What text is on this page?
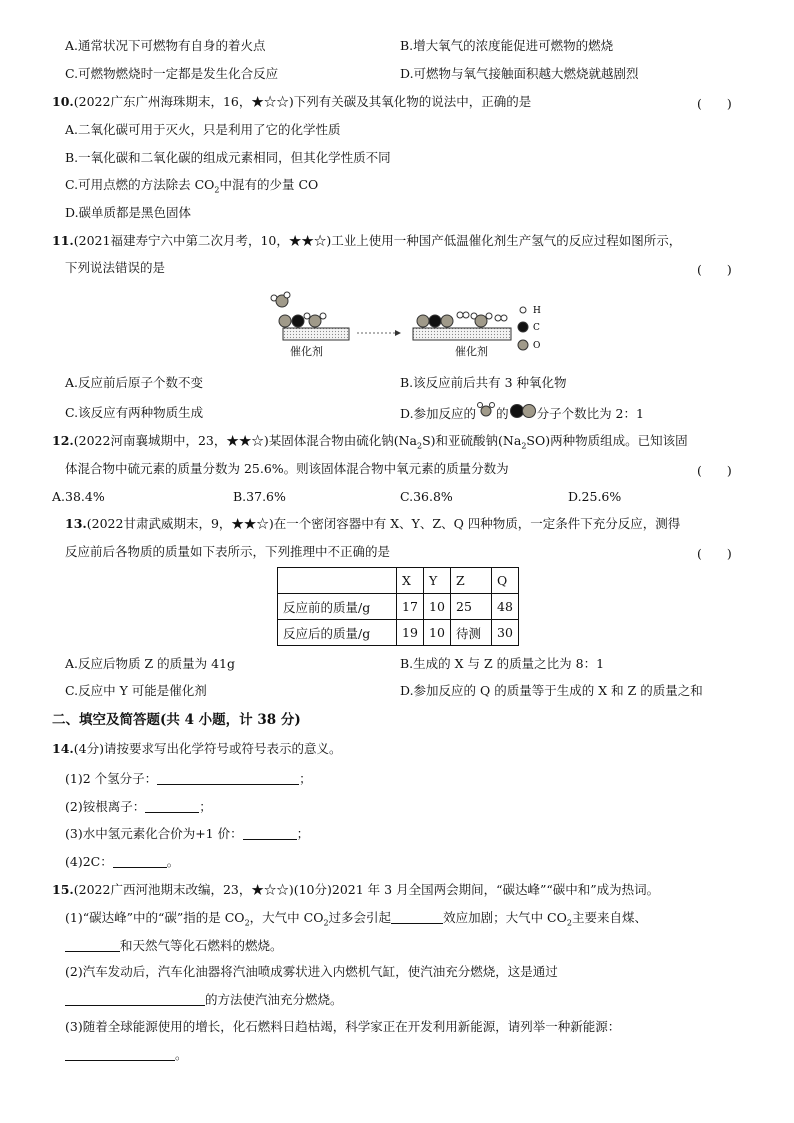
A.通常状况下可燃物有自身的着火点	B.增大氧气的浓度能促进可燃物的燃烧
C.可燃物燃烧时一定都是发生化合反应	D.可燃物与氧气接触面积越大燃烧就越剧烈
10.(2022广东广州海珠期末，16，★☆☆)下列有关碳及其氧化物的说法中，正确的是	(　　)
A.二氧化碳可用于灭火，只是利用了它的化学性质
B.一氧化碳和二氧化碳的组成元素相同，但其化学性质不同
C.可用点燃的方法除去 $CO_2$中混有的少量 CO
D.碳单质都是黑色固体
11.(2021福建寿宁六中第二次月考，10，★★☆)工业上使用一种国产低温催化剂生产氢气的反应过程如图所示，
下列说法错误的是	(　　)
H
C
O
催化剂	催化剂
A.反应前后原子个数不变	B.该反应前后共有 3 种氧化物
C.该反应有两种物质生成	D.参加反应的 的 分子个数比为 2：1
12.(2022河南襄城期中，23，★★☆)某固体混合物由硫化钠$(Na_2S)$和亚硫酸钠$(Na_2SO)$两种物质组成。已知该固
体混合物中硫元素的质量分数为 25.6%。则该固体混合物中氧元素的质量分数为	(　　)
A.38.4%	B.37.6%	C.36.8%	D.25.6%
13.(2022甘肃武威期末，9，★★☆)在一个密闭容器中有 X、Y、Z、Q 四种物质，一定条件下充分反应，测得
反应前后各物质的质量如下表所示，下列推理中不正确的是	(　　)
	X	Y	Z	Q
反应前的质量/g	17	10	25	48
反应后的质量/g	19	10	待测	30
A.反应后物质 Z 的质量为 41g	B.生成的 X 与 Z 的质量之比为 8：1
C.反应中 Y 可能是催化剂	D.参加反应的 Q 的质量等于生成的 X 和 Z 的质量之和
二、填空及简答题(共 4 小题，计 38 分)
14.(4分)请按要求写出化学符号或符号表示的意义。
(1)2 个氢分子：	；
(2)铵根离子：	；
(3)水中氢元素化合价为+1 价：	；
(4)2C：	。
15.(2022广西河池期末改编，23，★☆☆)(10分)2021 年 3 月全国两会期间，“碳达峰”“碳中和”成为热词。
(1)“碳达峰”中的“碳”指的是 $CO_2$，大气中 $CO_2$过多会引起	效应加剧；大气中 $CO_2$主要来自煤、
和天然气等化石燃料的燃烧。
(2)汽车发动后，汽车化油器将汽油喷成雾状进入内燃机气缸，使汽油充分燃烧，这是通过
的方法使汽油充分燃烧。
(3)随着全球能源使用的增长，化石燃料日趋枯竭，科学家正在开发利用新能源，请列举一种新能源：
。
